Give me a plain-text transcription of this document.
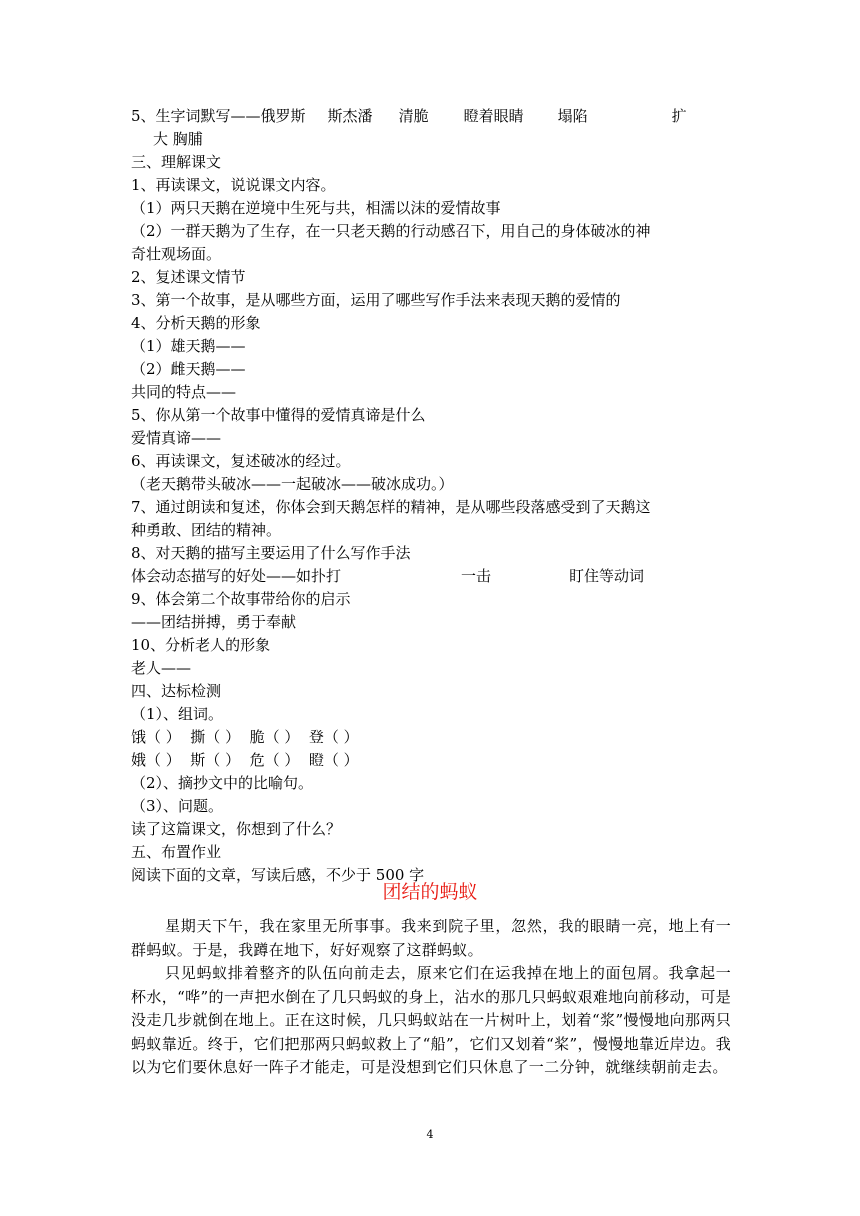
5、生字词默写——俄罗斯 斯杰潘 清脆 瞪着眼睛 塌陷	扩
大 胸脯
三、理解课文
1、再读课文，说说课文内容。
（1）两只天鹅在逆境中生死与共，相濡以沫的爱情故事
（2）一群天鹅为了生存，在一只老天鹅的行动感召下，用自己的身体破冰的神
奇壮观场面。
2、复述课文情节
3、第一个故事，是从哪些方面，运用了哪些写作手法来表现天鹅的爱情的
4、分析天鹅的形象
（1）雄天鹅——
（2）雌天鹅——
共同的特点——
5、你从第一个故事中懂得的爱情真谛是什么
爱情真谛——
6、再读课文，复述破冰的经过。
（老天鹅带头破冰——一起破冰——破冰成功。）
7、通过朗读和复述，你体会到天鹅怎样的精神，是从哪些段落感受到了天鹅这
种勇敢、团结的精神。
8、对天鹅的描写主要运用了什么写作手法
体会动态描写的好处——如扑打	一击	盯住等动词
9、体会第二个故事带给你的启示
——团结拼搏，勇于奉献
10、分析老人的形象
老人——
四、达标检测
（1）、组词。
饿（ ）  撕（ ）  脆（ ）  登（ ）
娥（ ）  斯（ ）  危（ ）  瞪（ ）
（2）、摘抄文中的比喻句。
（3）、问题。
读了这篇课文，你想到了什么？
五、布置作业
阅读下面的文章，写读后感，不少于 500 字
团结的蚂蚁
星期天下午，我在家里无所事事。我来到院子里，忽然，我的眼睛一亮，地上有一群蚂蚁。于是，我蹲在地下，好好观察了这群蚂蚁。
只见蚂蚁排着整齐的队伍向前走去，原来它们在运我掉在地上的面包屑。我拿起一杯水，“哗”的一声把水倒在了几只蚂蚁的身上，沾水的那几只蚂蚁艰难地向前移动，可是没走几步就倒在地上。正在这时候，几只蚂蚁站在一片树叶上，划着“浆”慢慢地向那两只蚂蚁靠近。终于，它们把那两只蚂蚁救上了“船”，它们又划着“桨”，慢慢地靠近岸边。我以为它们要休息好一阵子才能走，可是没想到它们只休息了一二分钟，就继续朝前走去。
4
